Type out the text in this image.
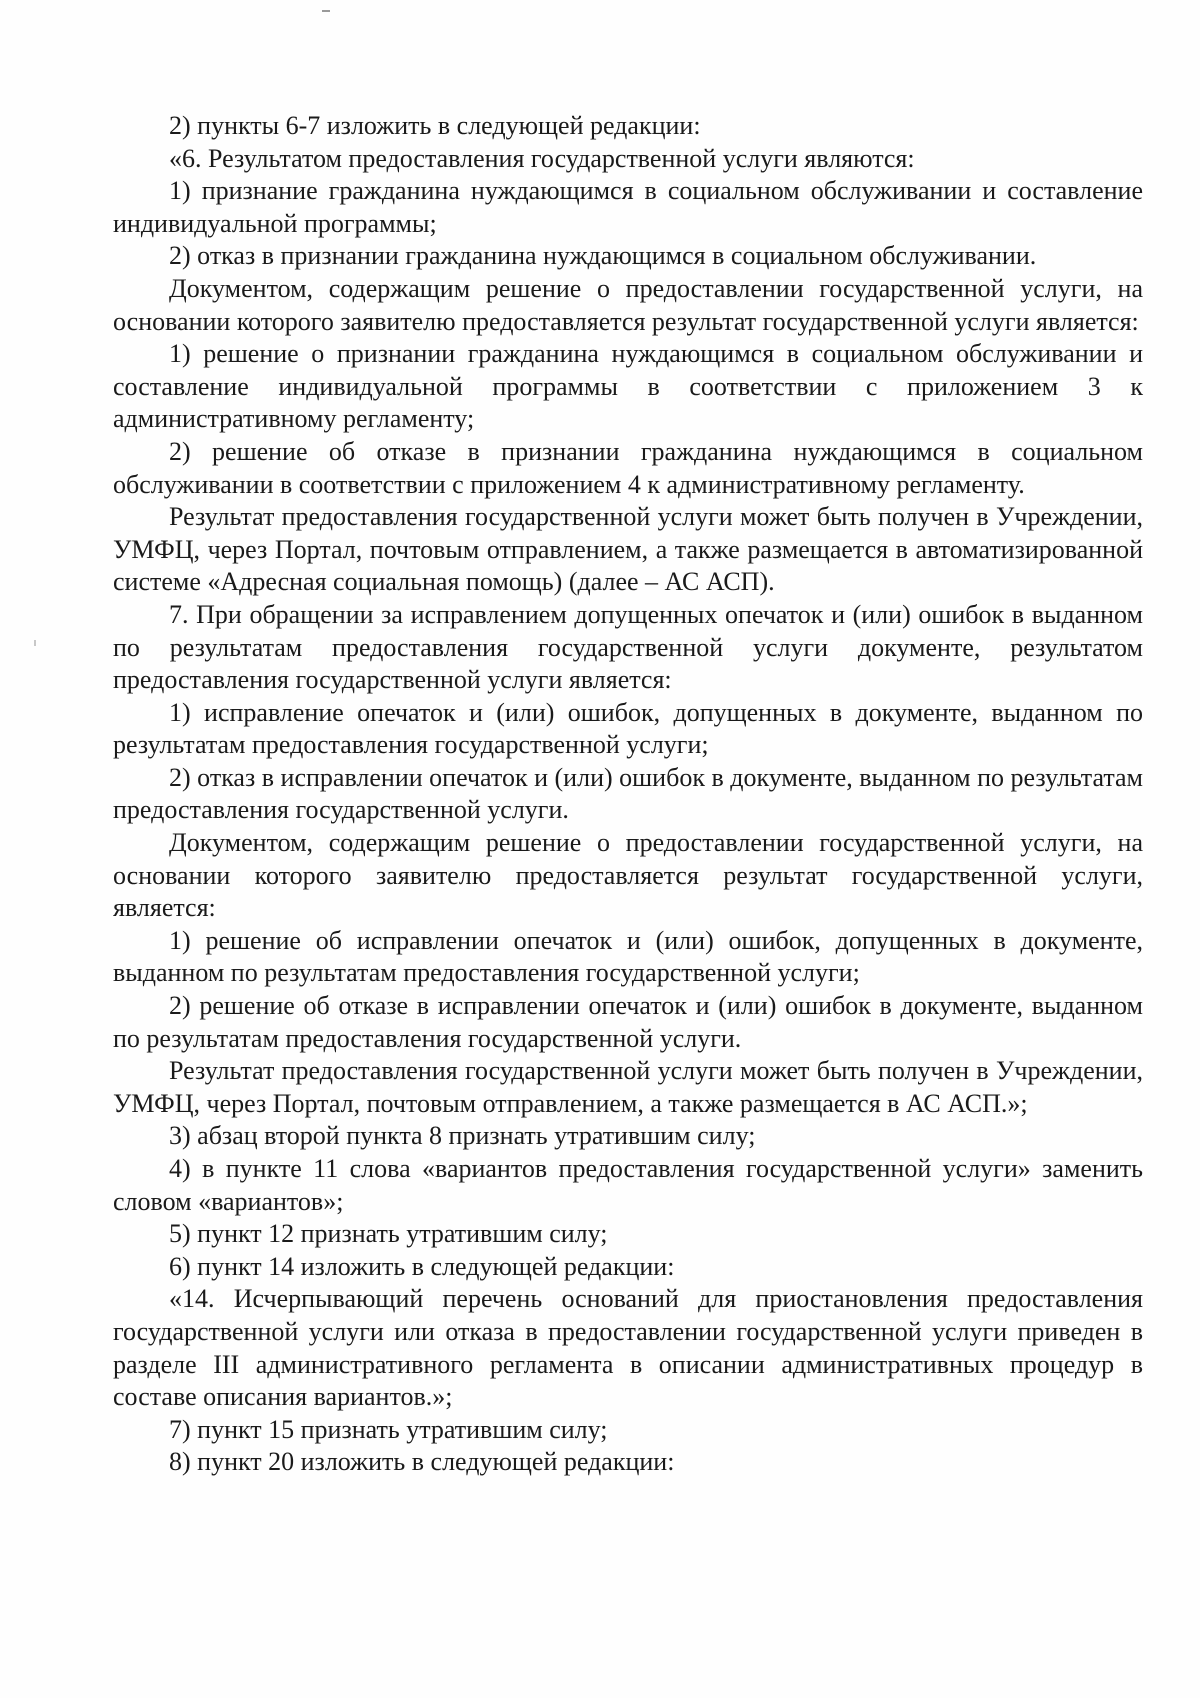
2) пункты 6-7 изложить в следующей редакции:

«6. Результатом предоставления государственной услуги являются:

1) признание гражданина нуждающимся в социальном обслуживании и составление индивидуальной программы;

2) отказ в признании гражданина нуждающимся в социальном обслуживании.

Документом, содержащим решение о предоставлении государственной услуги, на основании которого заявителю предоставляется результат государственной услуги является:

1) решение о признании гражданина нуждающимся в социальном обслуживании и составление индивидуальной программы в соответствии с приложением 3 к административному регламенту;

2) решение об отказе в признании гражданина нуждающимся в социальном обслуживании в соответствии с приложением 4 к административному регламенту.

Результат предоставления государственной услуги может быть получен в Учреждении, УМФЦ, через Портал, почтовым отправлением, а также размещается в автоматизированной системе «Адресная социальная помощь) (далее – АС АСП).

7. При обращении за исправлением допущенных опечаток и (или) ошибок в выданном по результатам предоставления государственной услуги документе, результатом предоставления государственной услуги является:

1) исправление опечаток и (или) ошибок, допущенных в документе, выданном по результатам предоставления государственной услуги;

2) отказ в исправлении опечаток и (или) ошибок в документе, выданном по результатам предоставления государственной услуги.

Документом, содержащим решение о предоставлении государственной услуги, на основании которого заявителю предоставляется результат государственной услуги, является:

1) решение об исправлении опечаток и (или) ошибок, допущенных в документе, выданном по результатам предоставления государственной услуги;

2) решение об отказе в исправлении опечаток и (или) ошибок в документе, выданном по результатам предоставления государственной услуги.

Результат предоставления государственной услуги может быть получен в Учреждении, УМФЦ, через Портал, почтовым отправлением, а также размещается в АС АСП.»;

3) абзац второй пункта 8 признать утратившим силу;

4) в пункте 11 слова «вариантов предоставления государственной услуги» заменить словом «вариантов»;

5) пункт 12 признать утратившим силу;

6) пункт 14 изложить в следующей редакции:

«14. Исчерпывающий перечень оснований для приостановления предоставления государственной услуги или отказа в предоставлении государственной услуги приведен в разделе III административного регламента в описании административных процедур в составе описания вариантов.»;

7) пункт 15 признать утратившим силу;

8) пункт 20 изложить в следующей редакции:
